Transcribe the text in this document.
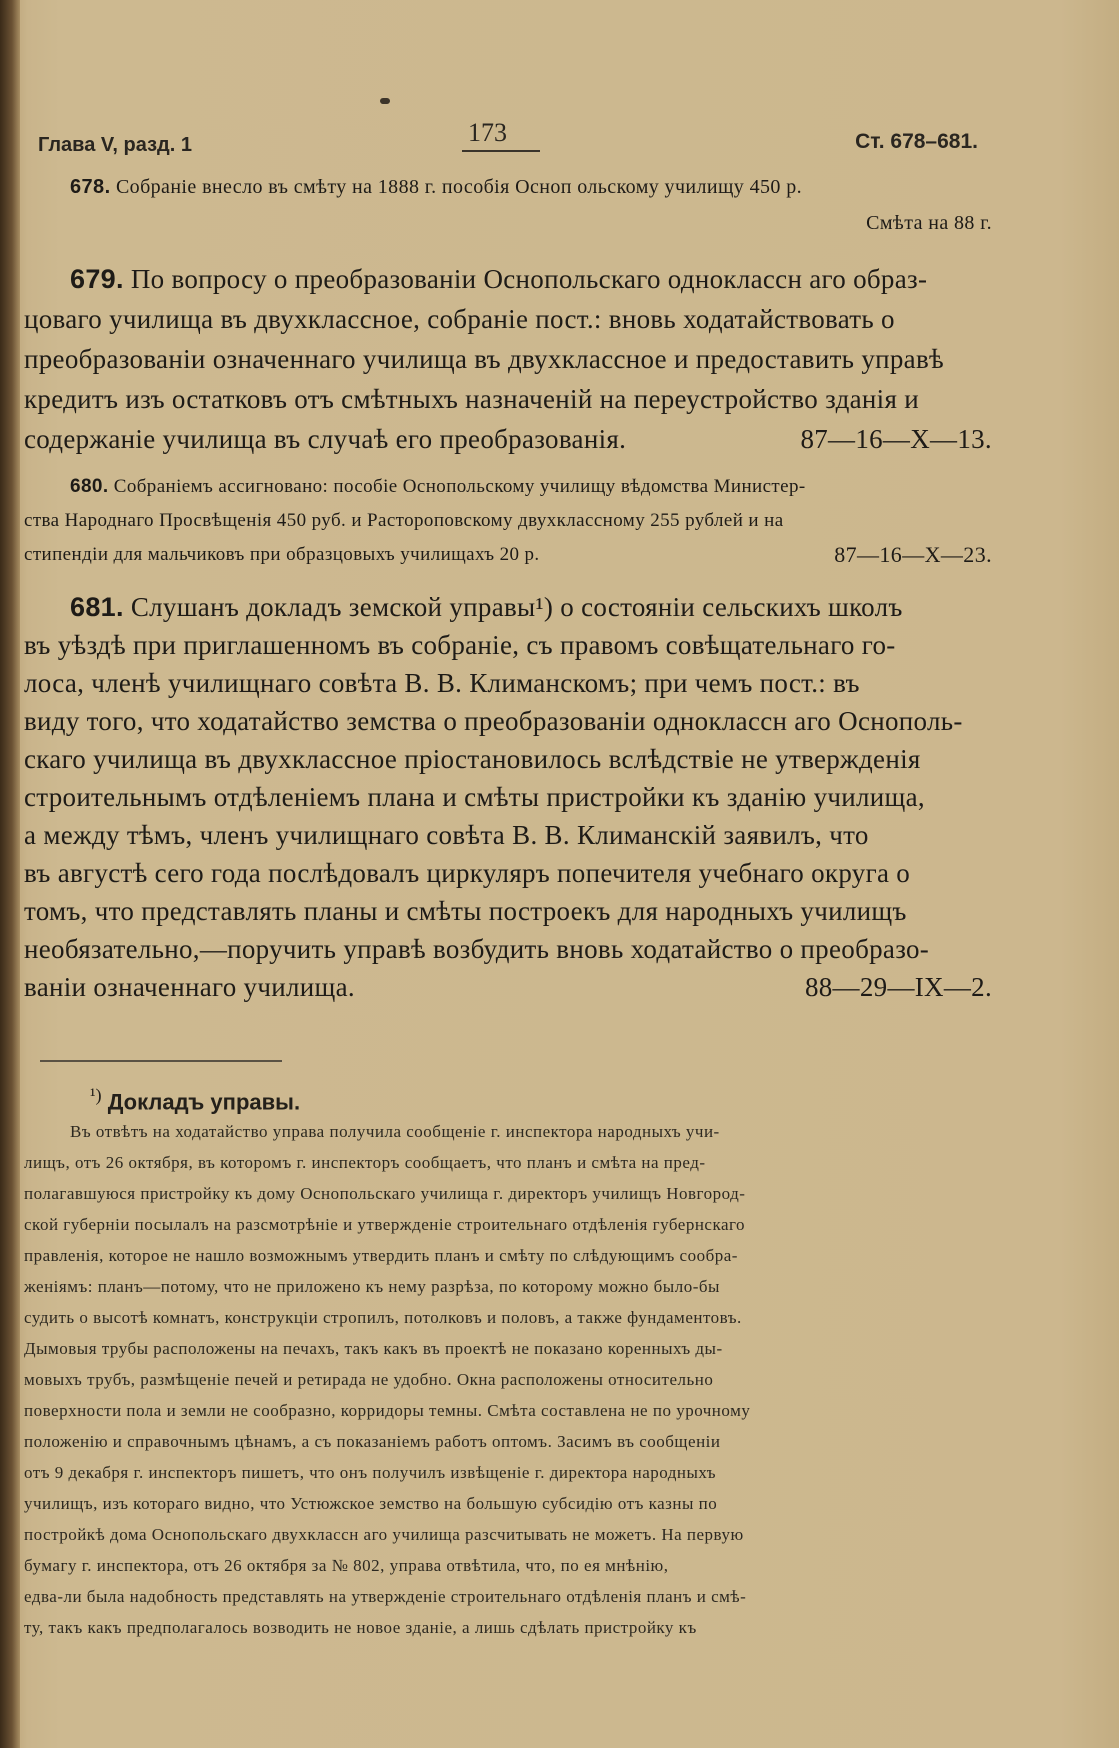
Глава V, разд. 1	173	Ст. 678–681.
678. Собраніе внесло въ смѣту на 1888 г. пособія Осноп ольскому училищу 450 р.
Смѣта на 88 г.
679. По вопросу о преобразованіи Оснопольскаго одноклассн аго образ-
цоваго училища въ двухклассное, собраніе пост.: вновь ходатайствовать о
преобразованіи означеннаго училища въ двухклассное и предоставить управѣ
кредитъ изъ остатковъ отъ смѣтныхъ назначеній на переустройство зданія и
содержаніе училища въ случаѣ его преобразованія.	87—16—X—13.
680. Собраніемъ ассигновано: пособіе Оснопольскому училищу вѣдомства Министер-
ства Народнаго Просвѣщенія 450 руб. и Растороповскому двухклассному 255 рублей и на
стипендіи для мальчиковъ при образцовыхъ училищахъ 20 р.	87—16—X—23.
681. Слушанъ докладъ земской управы¹) о состояніи сельскихъ школъ
въ уѣздѣ при приглашенномъ въ собраніе, съ правомъ совѣщательнаго го-
лоса, членѣ училищнаго совѣта В. В. Климанскомъ; при чемъ пост.: въ
виду того, что ходатайство земства о преобразованіи одноклассн аго Оснополь-
скаго училища въ двухклассное пріостановилось вслѣдствіе не утвержденія
строительнымъ отдѣленіемъ плана и смѣты пристройки къ зданію училища,
а между тѣмъ, членъ училищнаго совѣта В. В. Климанскій заявилъ, что
въ августѣ сего года послѣдовалъ циркуляръ попечителя учебнаго округа о
томъ, что представлять планы и смѣты построекъ для народныхъ училищъ
необязательно,—поручить управѣ возбудить вновь ходатайство о преобразо-
ваніи означеннаго училища.	88—29—IX—2.
$^{^1)}$ Докладъ управы.
Въ отвѣтъ на ходатайство управа получила сообщеніе г. инспектора народныхъ учи-
лищъ, отъ 26 октября, въ которомъ г. инспекторъ сообщаетъ, что планъ и смѣта на пред-
полагавшуюся пристройку къ дому Оснопольскаго училища г. директоръ училищъ Новгород-
ской губерніи посылалъ на разсмотрѣніе и утвержденіе строительнаго отдѣленія губернскаго
правленія, которое не нашло возможнымъ утвердить планъ и смѣту по слѣдующимъ сообра-
женіямъ: планъ—потому, что не приложено къ нему разрѣза, по которому можно было-бы
судить о высотѣ комнатъ, конструкціи стропилъ, потолковъ и половъ, а также фундаментовъ.
Дымовыя трубы расположены на печахъ, такъ какъ въ проектѣ не показано коренныхъ ды-
мовыхъ трубъ, размѣщеніе печей и ретирада не удобно. Окна расположены относительно
поверхности пола и земли не сообразно, корридоры темны. Смѣта составлена не по урочному
положенію и справочнымъ цѣнамъ, а съ показаніемъ работъ оптомъ. Засимъ въ сообщеніи
отъ 9 декабря г. инспекторъ пишетъ, что онъ получилъ извѣщеніе г. директора народныхъ
училищъ, изъ котораго видно, что Устюжское земство на большую субсидію отъ казны по
постройкѣ дома Оснопольскаго двухклассн аго училища разсчитывать не можетъ. На первую
бумагу г. инспектора, отъ 26 октября за № 802, управа отвѣтила, что, по ея мнѣнію,
едва-ли была надобность представлять на утвержденіе строительнаго отдѣленія планъ и смѣ-
ту, такъ какъ предполагалось возводить не новое зданіе, а лишь сдѣлать пристройку къ
